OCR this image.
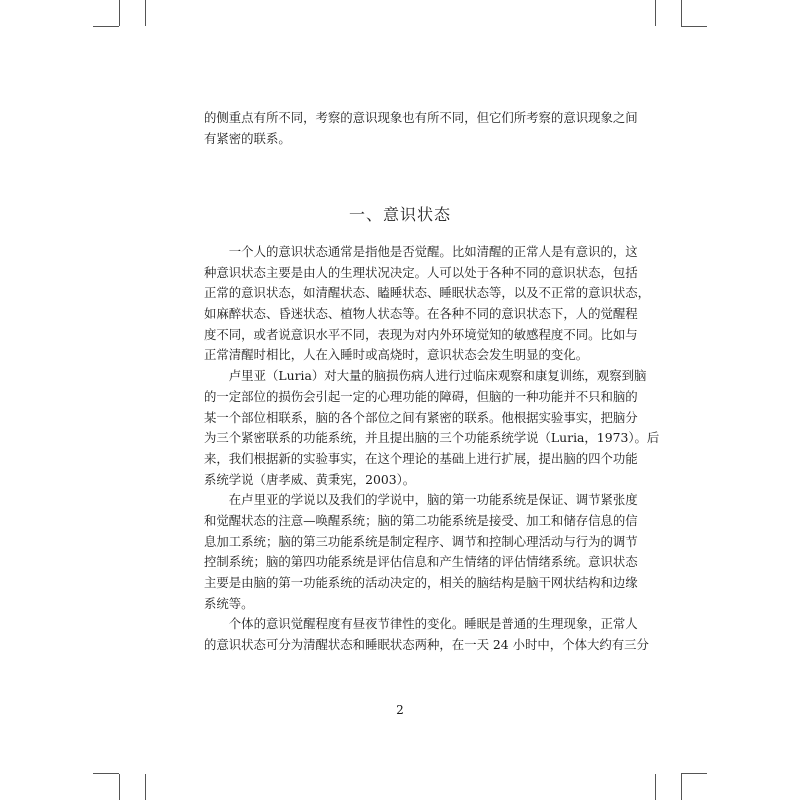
的侧重点有所不同，考察的意识现象也有所不同，但它们所考察的意识现象之间
有紧密的联系。
一、意识状态
一个人的意识状态通常是指他是否觉醒。比如清醒的正常人是有意识的，这
种意识状态主要是由人的生理状况决定。人可以处于各种不同的意识状态，包括
正常的意识状态，如清醒状态、瞌睡状态、睡眠状态等，以及不正常的意识状态，
如麻醉状态、昏迷状态、植物人状态等。在各种不同的意识状态下，人的觉醒程
度不同，或者说意识水平不同，表现为对内外环境觉知的敏感程度不同。比如与
正常清醒时相比，人在入睡时或高烧时，意识状态会发生明显的变化。
卢里亚（Luria）对大量的脑损伤病人进行过临床观察和康复训练，观察到脑
的一定部位的损伤会引起一定的心理功能的障碍，但脑的一种功能并不只和脑的
某一个部位相联系，脑的各个部位之间有紧密的联系。他根据实验事实，把脑分
为三个紧密联系的功能系统，并且提出脑的三个功能系统学说（Luria，1973）。后
来，我们根据新的实验事实，在这个理论的基础上进行扩展，提出脑的四个功能
系统学说（唐孝威、黄秉宪，2003）。
在卢里亚的学说以及我们的学说中，脑的第一功能系统是保证、调节紧张度
和觉醒状态的注意—唤醒系统；脑的第二功能系统是接受、加工和储存信息的信
息加工系统；脑的第三功能系统是制定程序、调节和控制心理活动与行为的调节
控制系统；脑的第四功能系统是评估信息和产生情绪的评估情绪系统。意识状态
主要是由脑的第一功能系统的活动决定的，相关的脑结构是脑干网状结构和边缘
系统等。
个体的意识觉醒程度有昼夜节律性的变化。睡眠是普通的生理现象，正常人
的意识状态可分为清醒状态和睡眠状态两种，在一天 24 小时中，个体大约有三分
2
